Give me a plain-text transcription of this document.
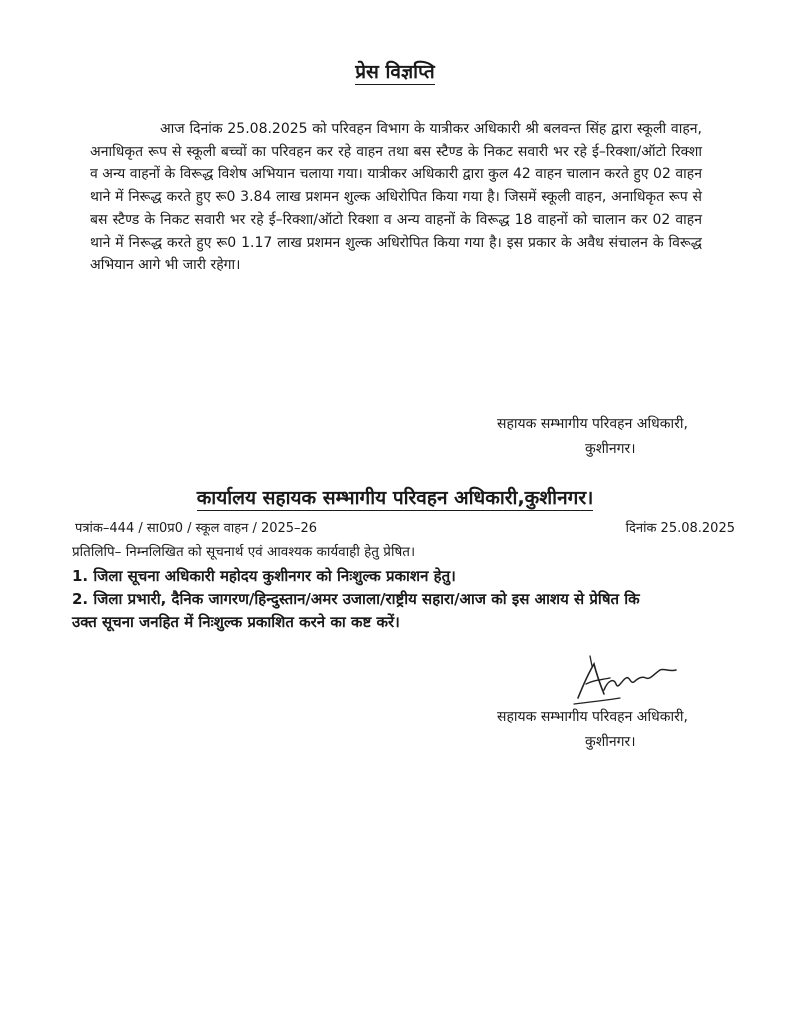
प्रेस विज्ञप्ति

आज दिनांक 25.08.2025 को परिवहन विभाग के यात्रीकर अधिकारी श्री बलवन्त सिंह द्वारा स्कूली वाहन, अनाधिकृत रूप से स्कूली बच्चों का परिवहन कर रहे वाहन तथा बस स्टैण्ड के निकट सवारी भर रहे ई–रिक्शा/ऑटो रिक्शा व अन्य वाहनों के विरूद्ध विशेष अभियान चलाया गया। यात्रीकर अधिकारी द्वारा कुल 42 वाहन चालान करते हुए 02 वाहन थाने में निरूद्ध करते हुए रू0 3.84 लाख प्रशमन शुल्क अधिरोपित किया गया है। जिसमें स्कूली वाहन, अनाधिकृत रूप से बस स्टैण्ड के निकट सवारी भर रहे ई–रिक्शा/ऑटो रिक्शा व अन्य वाहनों के विरूद्ध 18 वाहनों को चालान कर 02 वाहन थाने में निरूद्ध करते हुए रू0 1.17 लाख प्रशमन शुल्क अधिरोपित किया गया है। इस प्रकार के अवैध संचालन के विरूद्ध अभियान आगे भी जारी रहेगा।

सहायक सम्भागीय परिवहन अधिकारी,
कुशीनगर।
कार्यालय सहायक सम्भागीय परिवहन अधिकारी,कुशीनगर।
पत्रांक–444 / सा0प्र0 / स्कूल वाहन / 2025–26	दिनांक 25.08.2025
प्रतिलिपि– निम्नलिखित को सूचनार्थ एवं आवश्यक कार्यवाही हेतु प्रेषित।
1. जिला सूचना अधिकारी महोदय कुशीनगर को निःशुल्क प्रकाशन हेतु।
2. जिला प्रभारी, दैनिक जागरण/हिन्दुस्तान/अमर उजाला/राष्ट्रीय सहारा/आज को इस आशय से प्रेषित कि
उक्त सूचना जनहित में निःशुल्क प्रकाशित करने का कष्ट करें।
सहायक सम्भागीय परिवहन अधिकारी,
कुशीनगर।
